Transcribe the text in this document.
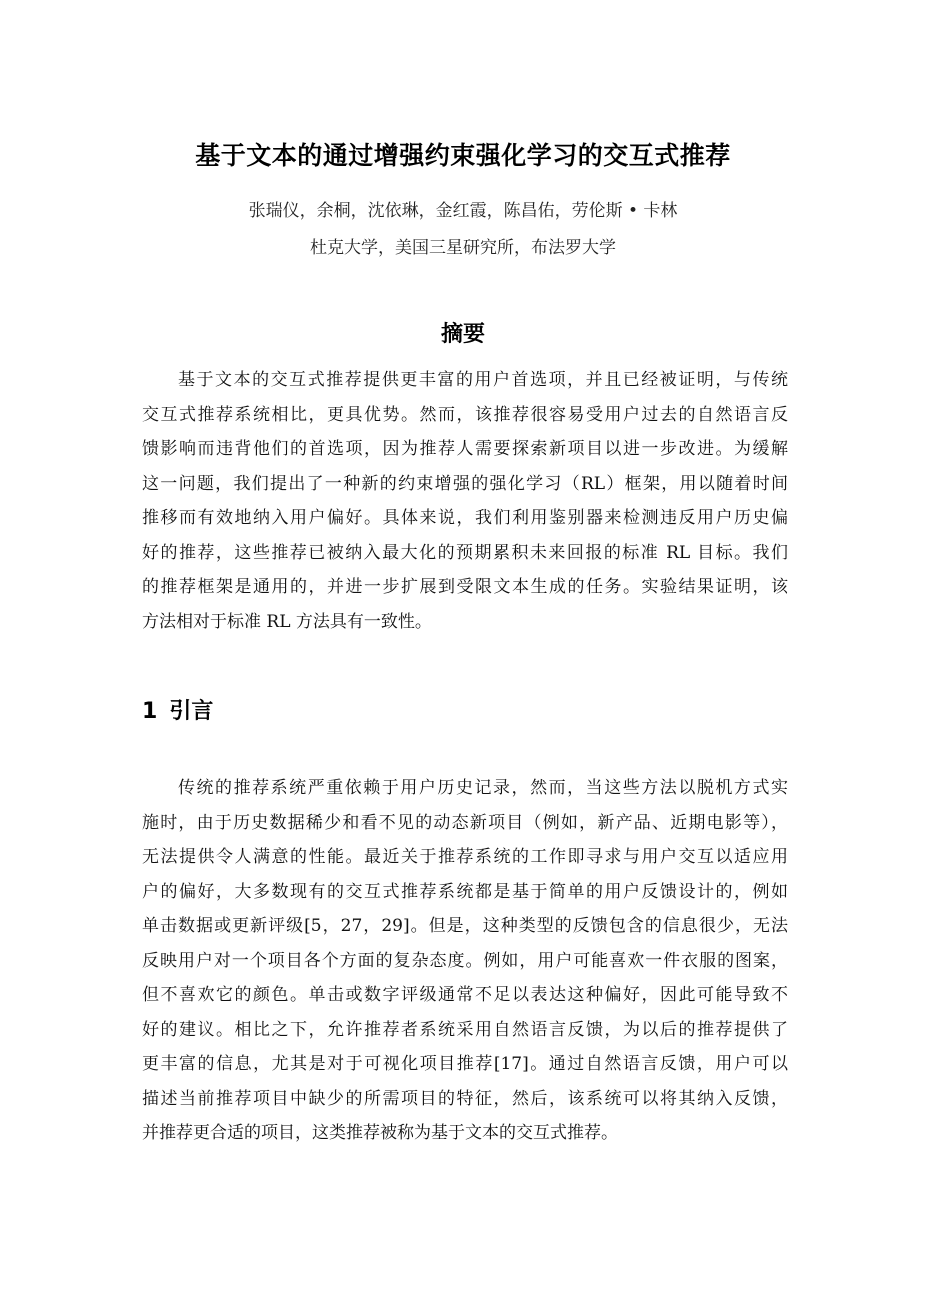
基于文本的通过增强约束强化学习的交互式推荐
张瑞仪，余桐，沈依琳，金红霞，陈昌佑，劳伦斯 • 卡林
杜克大学，美国三星研究所，布法罗大学
摘要
基于文本的交互式推荐提供更丰富的用户首选项，并且已经被证明，与传统
交互式推荐系统相比，更具优势。然而，该推荐很容易受用户过去的自然语言反
馈影响而违背他们的首选项，因为推荐人需要探索新项目以进一步改进。为缓解
这一问题，我们提出了一种新的约束增强的强化学习（RL）框架，用以随着时间
推移而有效地纳入用户偏好。具体来说，我们利用鉴别器来检测违反用户历史偏
好的推荐，这些推荐已被纳入最大化的预期累积未来回报的标准 RL 目标。我们
的推荐框架是通用的，并进一步扩展到受限文本生成的任务。实验结果证明，该
方法相对于标准 RL 方法具有一致性。
1 引言
传统的推荐系统严重依赖于用户历史记录，然而，当这些方法以脱机方式实
施时，由于历史数据稀少和看不见的动态新项目（例如，新产品、近期电影等），
无法提供令人满意的性能。最近关于推荐系统的工作即寻求与用户交互以适应用
户的偏好，大多数现有的交互式推荐系统都是基于简单的用户反馈设计的，例如
单击数据或更新评级[5，27，29]。但是，这种类型的反馈包含的信息很少，无法
反映用户对一个项目各个方面的复杂态度。例如，用户可能喜欢一件衣服的图案，
但不喜欢它的颜色。单击或数字评级通常不足以表达这种偏好，因此可能导致不
好的建议。相比之下，允许推荐者系统采用自然语言反馈，为以后的推荐提供了
更丰富的信息，尤其是对于可视化项目推荐[17]。通过自然语言反馈，用户可以
描述当前推荐项目中缺少的所需项目的特征，然后，该系统可以将其纳入反馈，
并推荐更合适的项目，这类推荐被称为基于文本的交互式推荐。
